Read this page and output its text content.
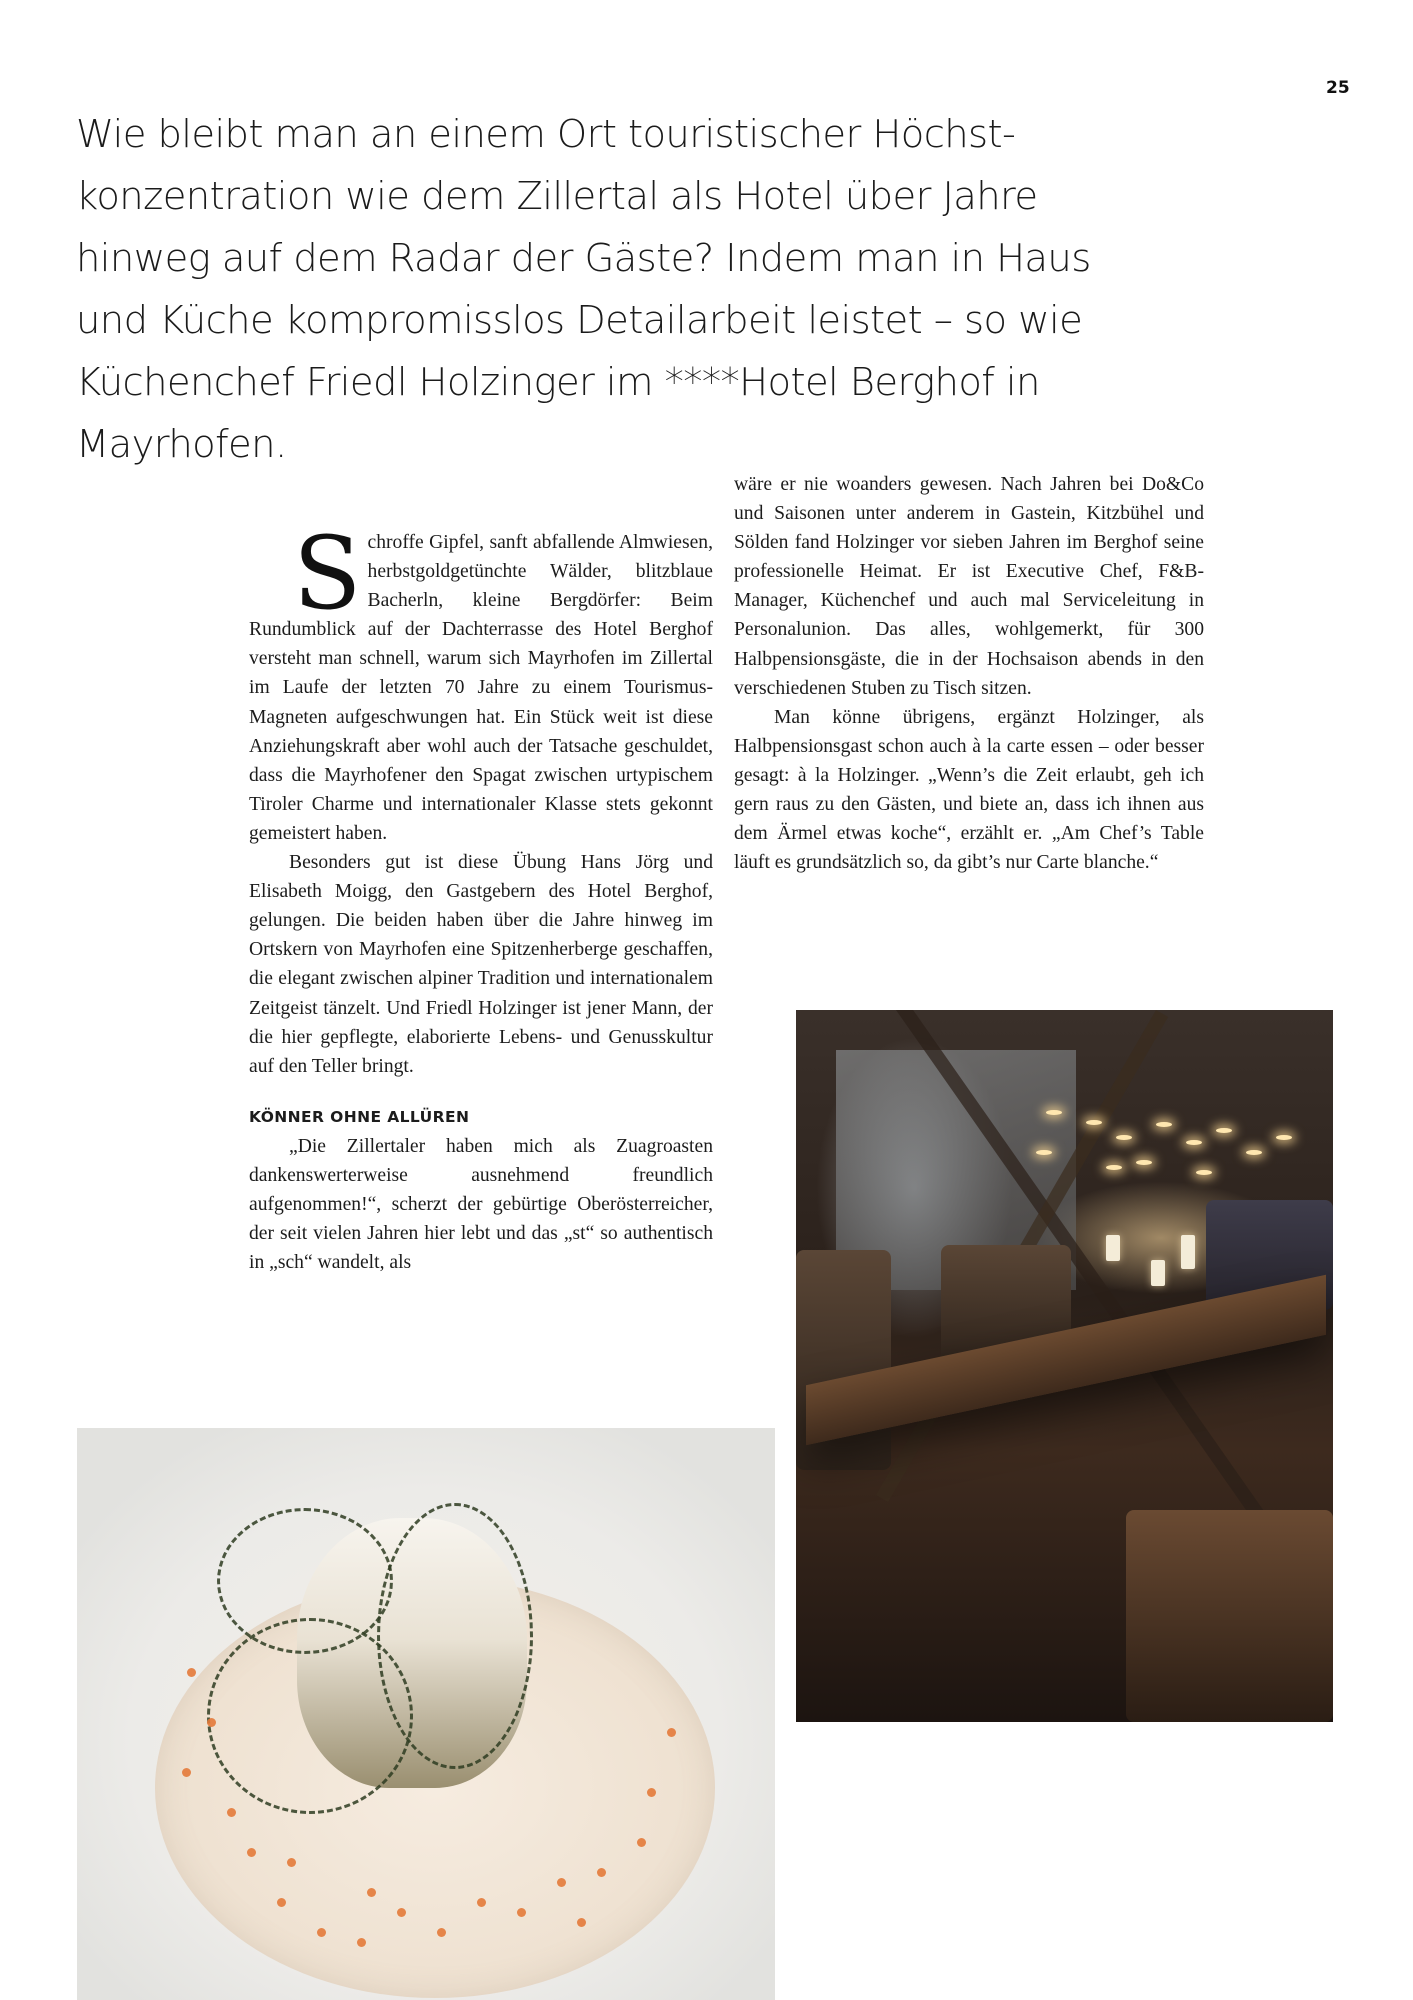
25
Wie bleibt man an einem Ort touristischer Höchst-
konzentration wie dem Zillertal als Hotel über Jahre
hinweg auf dem Radar der Gäste? Indem man in Haus
und Küche kompromisslos Detailarbeit leistet – so wie
Küchenchef Friedl Holzinger im ****Hotel Berghof in
Mayrhofen.

Schroffe Gipfel, sanft abfallende Almwiesen, herbstgoldgetünchte Wälder, blitzblaue Bacherln, kleine Bergdörfer: Beim Rundumblick auf der Dachterrasse des Hotel Berghof versteht man schnell, warum sich Mayrhofen im Zillertal im Laufe der letzten 70 Jahre zu einem Tourismus-Magneten aufgeschwungen hat. Ein Stück weit ist diese Anziehungskraft aber wohl auch der Tatsache geschuldet, dass die Mayrhofener den Spagat zwischen urtypischem Tiroler Charme und internationaler Klasse stets gekonnt gemeistert haben.

Besonders gut ist diese Übung Hans Jörg und Elisabeth Moigg, den Gastgebern des Hotel Berghof, gelungen. Die beiden haben über die Jahre hinweg im Ortskern von Mayrhofen eine Spitzenherberge geschaffen, die elegant zwischen alpiner Tradition und internationalem Zeitgeist tänzelt. Und Friedl Holzinger ist jener Mann, der die hier gepflegte, elaborierte Lebens- und Genusskultur auf den Teller bringt.

KÖNNER OHNE ALLÜREN

„Die Zillertaler haben mich als Zuagroasten dankenswerterweise ausnehmend freundlich aufgenommen!“, scherzt der gebürtige Oberösterreicher, der seit vielen Jahren hier lebt und das „st“ so authentisch in „sch“ wandelt, als

wäre er nie woanders gewesen. Nach Jahren bei Do&Co und Saisonen unter anderem in Gastein, Kitzbühel und Sölden fand Holzinger vor sieben Jahren im Berghof seine professionelle Heimat. Er ist Executive Chef, F&B-Manager, Küchenchef und auch mal Serviceleitung in Personalunion. Das alles, wohlgemerkt, für 300 Halbpensionsgäste, die in der Hochsaison abends in den verschiedenen Stuben zu Tisch sitzen.

Man könne übrigens, ergänzt Holzinger, als Halbpensionsgast schon auch à la carte essen – oder besser gesagt: à la Holzinger. „Wenn’s die Zeit erlaubt, geh ich gern raus zu den Gästen, und biete an, dass ich ihnen aus dem Ärmel etwas koche“, erzählt er. „Am Chef’s Table läuft es grundsätzlich so, da gibt’s nur Carte blanche.“
